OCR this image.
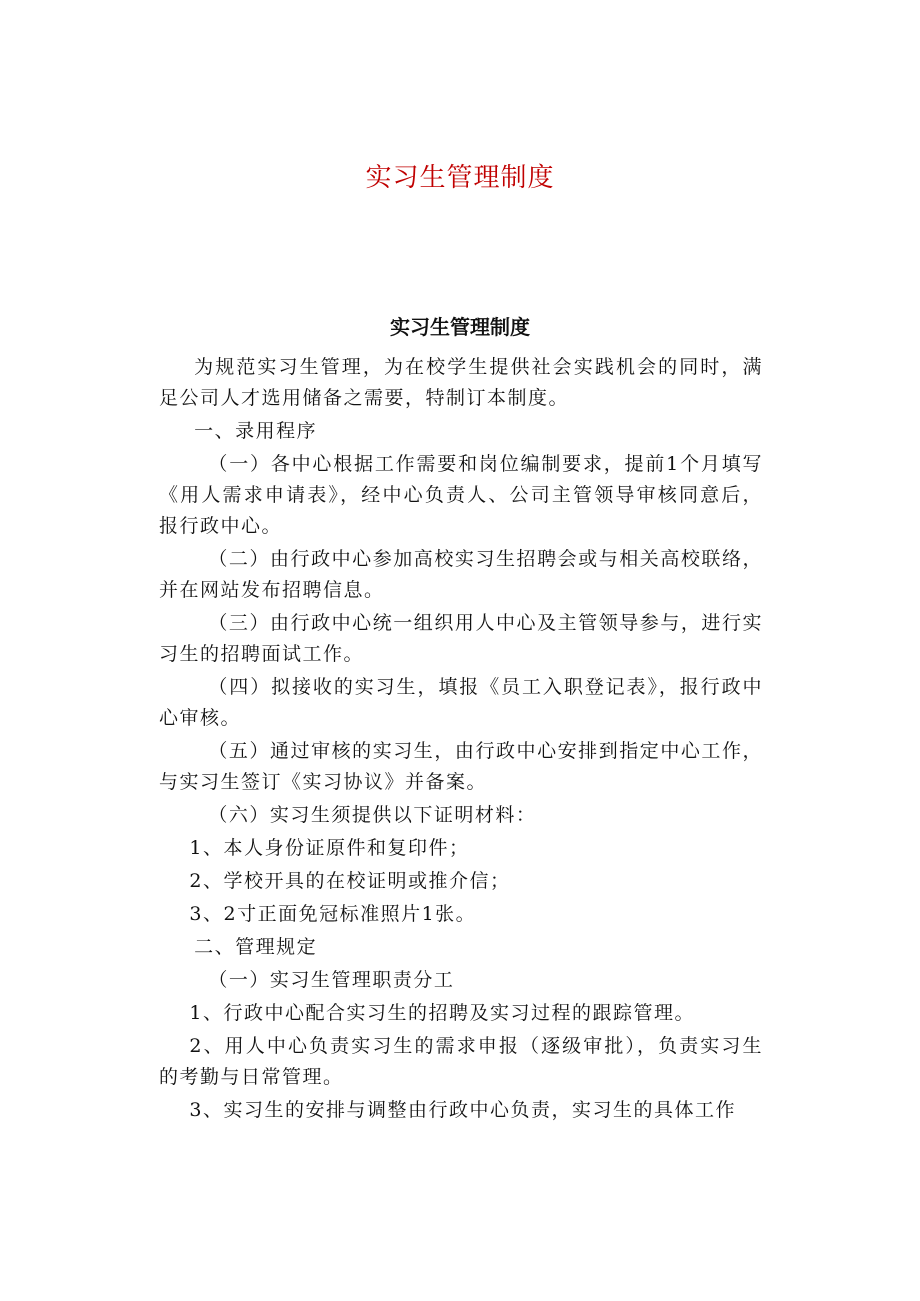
实习生管理制度
实习生管理制度

为规范实习生管理，为在校学生提供社会实践机会的同时，满足公司人才选用储备之需要，特制订本制度。

一、录用程序

（一）各中心根据工作需要和岗位编制要求，提前1个月填写《用人需求申请表》，经中心负责人、公司主管领导审核同意后，报行政中心。

（二）由行政中心参加高校实习生招聘会或与相关高校联络，并在网站发布招聘信息。

（三）由行政中心统一组织用人中心及主管领导参与，进行实习生的招聘面试工作。

（四）拟接收的实习生，填报《员工入职登记表》，报行政中心审核。

（五）通过审核的实习生，由行政中心安排到指定中心工作，与实习生签订《实习协议》并备案。

（六）实习生须提供以下证明材料：

1、本人身份证原件和复印件；

2、学校开具的在校证明或推介信；

3、2寸正面免冠标准照片1张。

二、管理规定

（一）实习生管理职责分工

1、行政中心配合实习生的招聘及实习过程的跟踪管理。

2、用人中心负责实习生的需求申报（逐级审批），负责实习生的考勤与日常管理。

3、实习生的安排与调整由行政中心负责，实习生的具体工作
